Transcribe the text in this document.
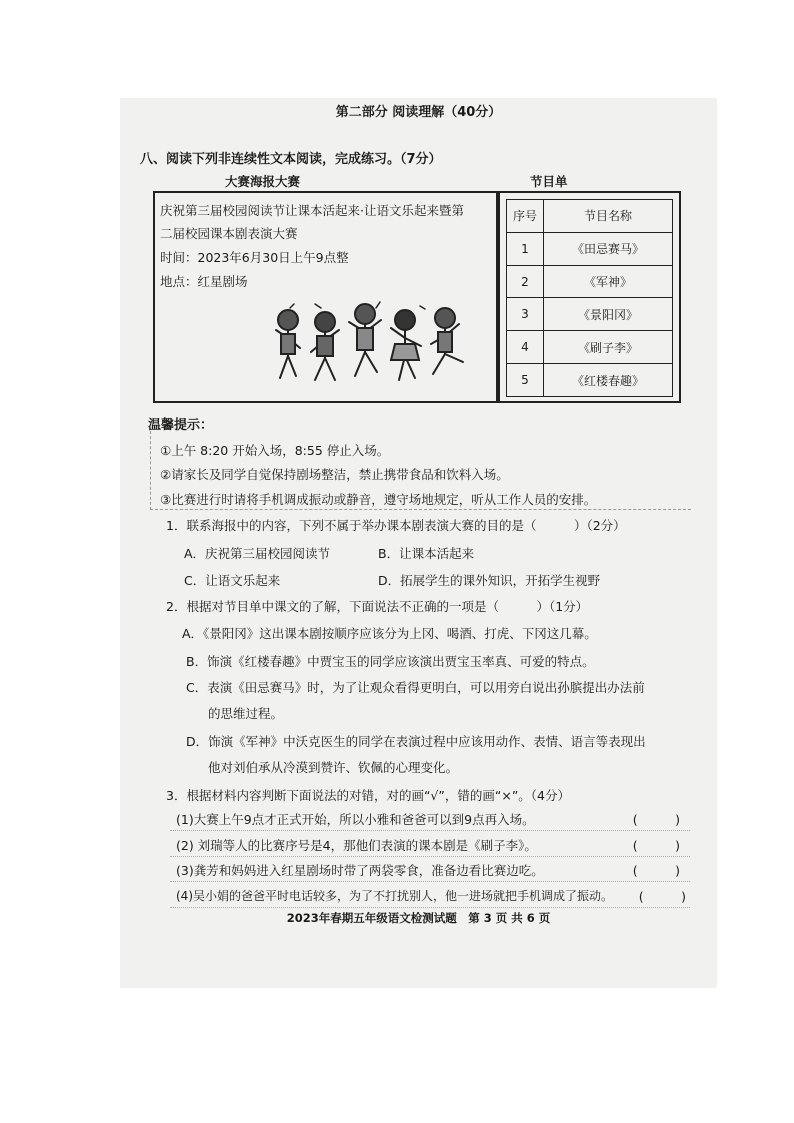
第二部分 阅读理解（40分）
八、阅读下列非连续性文本阅读，完成练习。（7分）
大赛海报大赛	节目单
庆祝第三届校园阅读节让课本活起来·让语文乐起来暨第
二届校园课本剧表演大赛
时间：2023年6月30日上午9点整
地点：红星剧场
序号	节目名称
1	《田忌赛马》
2	《军神》
3	《景阳冈》
4	《刷子李》
5	《红楼春趣》
温馨提示：
①上午 8:20 开始入场，8:55 停止入场。
②请家长及同学自觉保持剧场整洁，禁止携带食品和饮料入场。
③比赛进行时请将手机调成振动或静音，遵守场地规定，听从工作人员的安排。
1．联系海报中的内容，下列不属于举办课本剧表演大赛的目的是（　　　）（2分）
A．庆祝第三届校园阅读节	B．让课本活起来
C．让语文乐起来	D．拓展学生的课外知识，开拓学生视野
2．根据对节目单中课文的了解，下面说法不正确的一项是（　　　）（1分）
A．《景阳冈》这出课本剧按顺序应该分为上冈、喝酒、打虎、下冈这几幕。
B．饰演《红楼春趣》中贾宝玉的同学应该演出贾宝玉率真、可爱的特点。
C．表演《田忌赛马》时，为了让观众看得更明白，可以用旁白说出孙膑提出办法前
的思维过程。
D．饰演《军神》中沃克医生的同学在表演过程中应该用动作、表情、语言等表现出
他对刘伯承从冷漠到赞许、钦佩的心理变化。
3．根据材料内容判断下面说法的对错，对的画“√”，错的画“×”。（4分）
(1)大赛上午9点才正式开始，所以小雅和爸爸可以到9点再入场。	(　　　)
(2) 刘瑞等人的比赛序号是4，那他们表演的课本剧是《刷子李》。	(　　　)
(3)龚芳和妈妈进入红星剧场时带了两袋零食，准备边看比赛边吃。	(　　　)
(4)吴小娟的爸爸平时电话较多，为了不打扰别人，他一进场就把手机调成了振动。 (　　　)
2023年春期五年级语文检测试题　第 3 页 共 6 页
